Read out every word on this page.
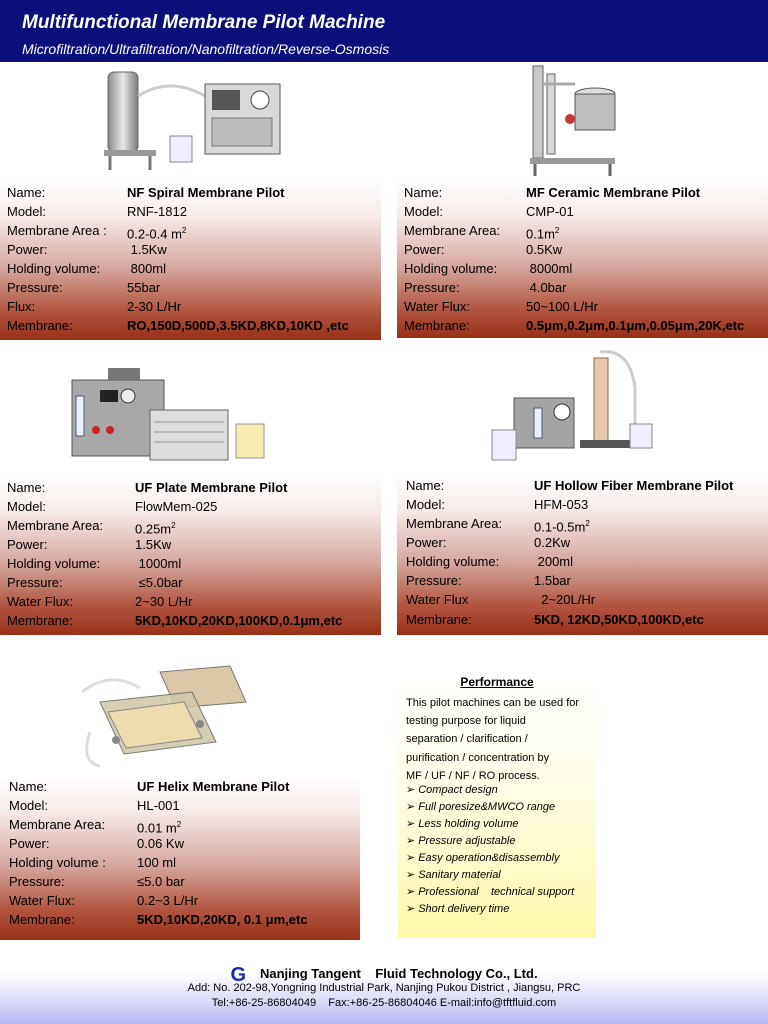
Multifunctional Membrane Pilot Machine
Microfiltration/Ultrafiltration/Nanofiltration/Reverse-Osmosis
Name:	NF Spiral Membrane Pilot
Model:	RNF-1812
Membrane Area : 0.2-0.4 $m^2$
Power:	1.5Kw
Holding volume: 800ml
Pressure:	55bar
Flux:	2-30 L/Hr
Membrane:	RO,150D,500D,3.5KD,8KD,10KD ,etc
Name:	MF Ceramic Membrane Pilot
Model:	CMP-01
Membrane Area: $0.1m^2$
Power:	0.5Kw
Holding volume: 8000ml
Pressure:	4.0bar
Water Flux:	50~100 L/Hr
Membrane:	0.5μm,0.2μm,0.1μm,0.05μm,20K,etc
Name:	UF Plate Membrane Pilot
Model:	FlowMem-025
Membrane Area: $0.25m^2$
Power:	1.5Kw
Holding volume:	1000ml
Pressure:	≤5.0bar
Water Flux:	2~30 L/Hr
Membrane:	5KD,10KD,20KD,100KD,0.1μm,etc
Name:	UF Hollow Fiber Membrane Pilot
Model:	HFM-053
Membrane Area: $0.1-0.5m^2$
Power:	0.2Kw
Holding volume:	200ml
Pressure:	1.5bar
Water Flux	2~20L/Hr
Membrane:	5KD, 12KD,50KD,100KD,etc
Name:	UF Helix Membrane Pilot
Model:	HL-001
Membrane Area: 0.01 $m^2$
Power:	0.06 Kw
Holding volume : 100 ml
Pressure:	≤5.0 bar
Water Flux:	0.2~3 L/Hr
Membrane:	5KD,10KD,20KD, 0.1 μm,etc
Performance
This pilot machines can be used for
testing purpose for liquid
separation / clarification /
purification / concentration by
MF / UF / NF / RO process.
➢ Compact design
➢ Full poresize&MWCO range
➢ Less holding volume
➢ Pressure adjustable
➢ Easy operation&disassembly
➢ Sanitary material
➢ Professional    technical support
➢ Short delivery time
G Nanjing Tangent    Fluid Technology Co., Ltd.
Add: No. 202-98,Yongning Industrial Park, Nanjing Pukou District , Jiangsu, PRC
Tel:+86-25-86804049    Fax:+86-25-86804046 E-mail:info@tftfluid.com
